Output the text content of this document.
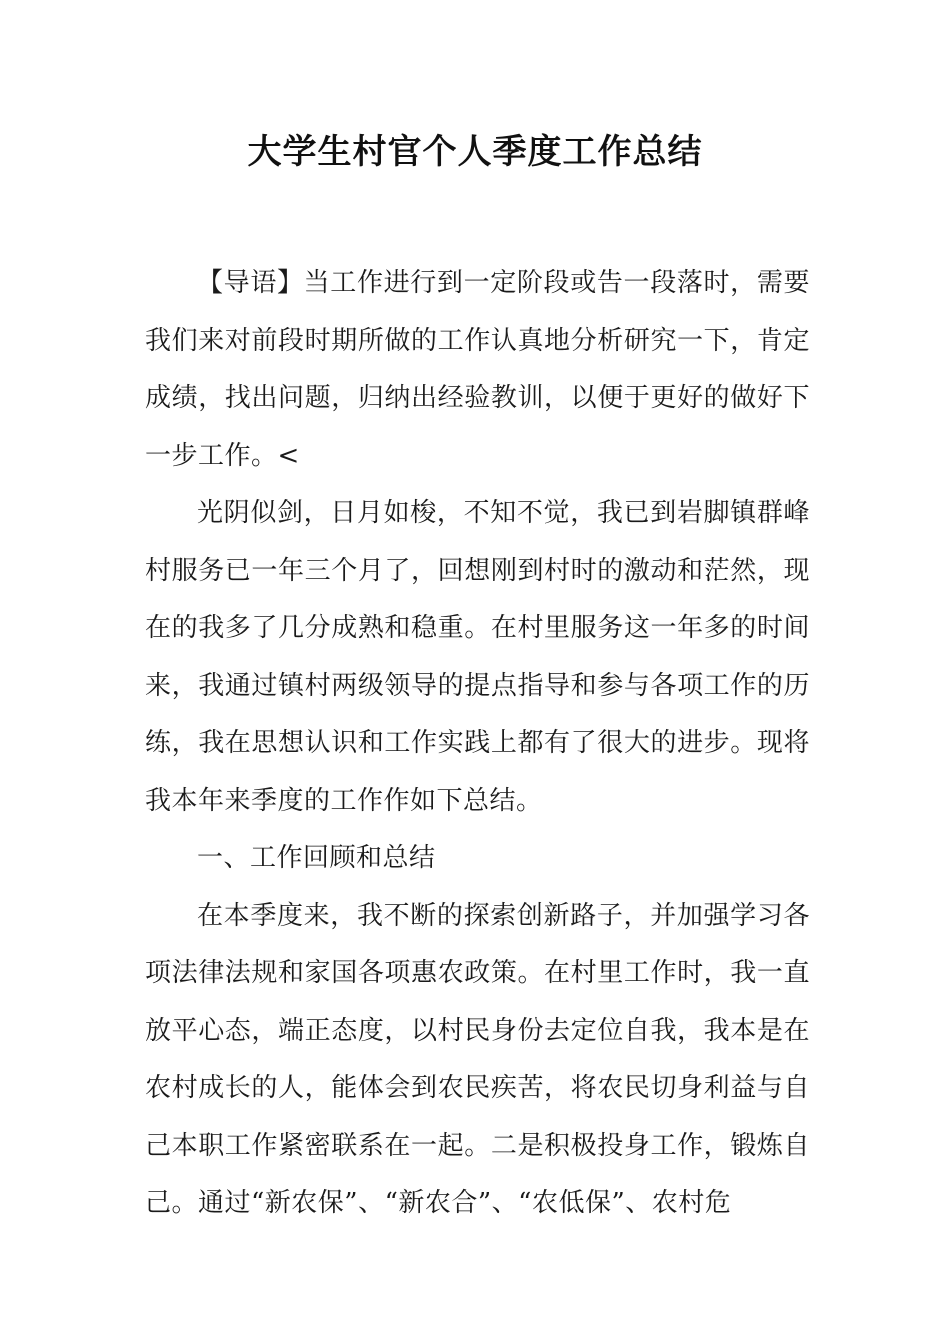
大学生村官个人季度工作总结

【导语】当工作进行到一定阶段或告一段落时，需要我们来对前段时期所做的工作认真地分析研究一下，肯定成绩，找出问题，归纳出经验教训，以便于更好的做好下一步工作。<

光阴似剑，日月如梭，不知不觉，我已到岩脚镇群峰村服务已一年三个月了，回想刚到村时的激动和茫然，现在的我多了几分成熟和稳重。在村里服务这一年多的时间来，我通过镇村两级领导的提点指导和参与各项工作的历练，我在思想认识和工作实践上都有了很大的进步。现将我本年来季度的工作作如下总结。

一、工作回顾和总结

在本季度来，我不断的探索创新路子，并加强学习各项法律法规和家国各项惠农政策。在村里工作时，我一直放平心态，端正态度，以村民身份去定位自我，我本是在农村成长的人，能体会到农民疾苦，将农民切身利益与自己本职工作紧密联系在一起。二是积极投身工作，锻炼自己。通过“新农保”、“新农合”、“农低保”、农村危
